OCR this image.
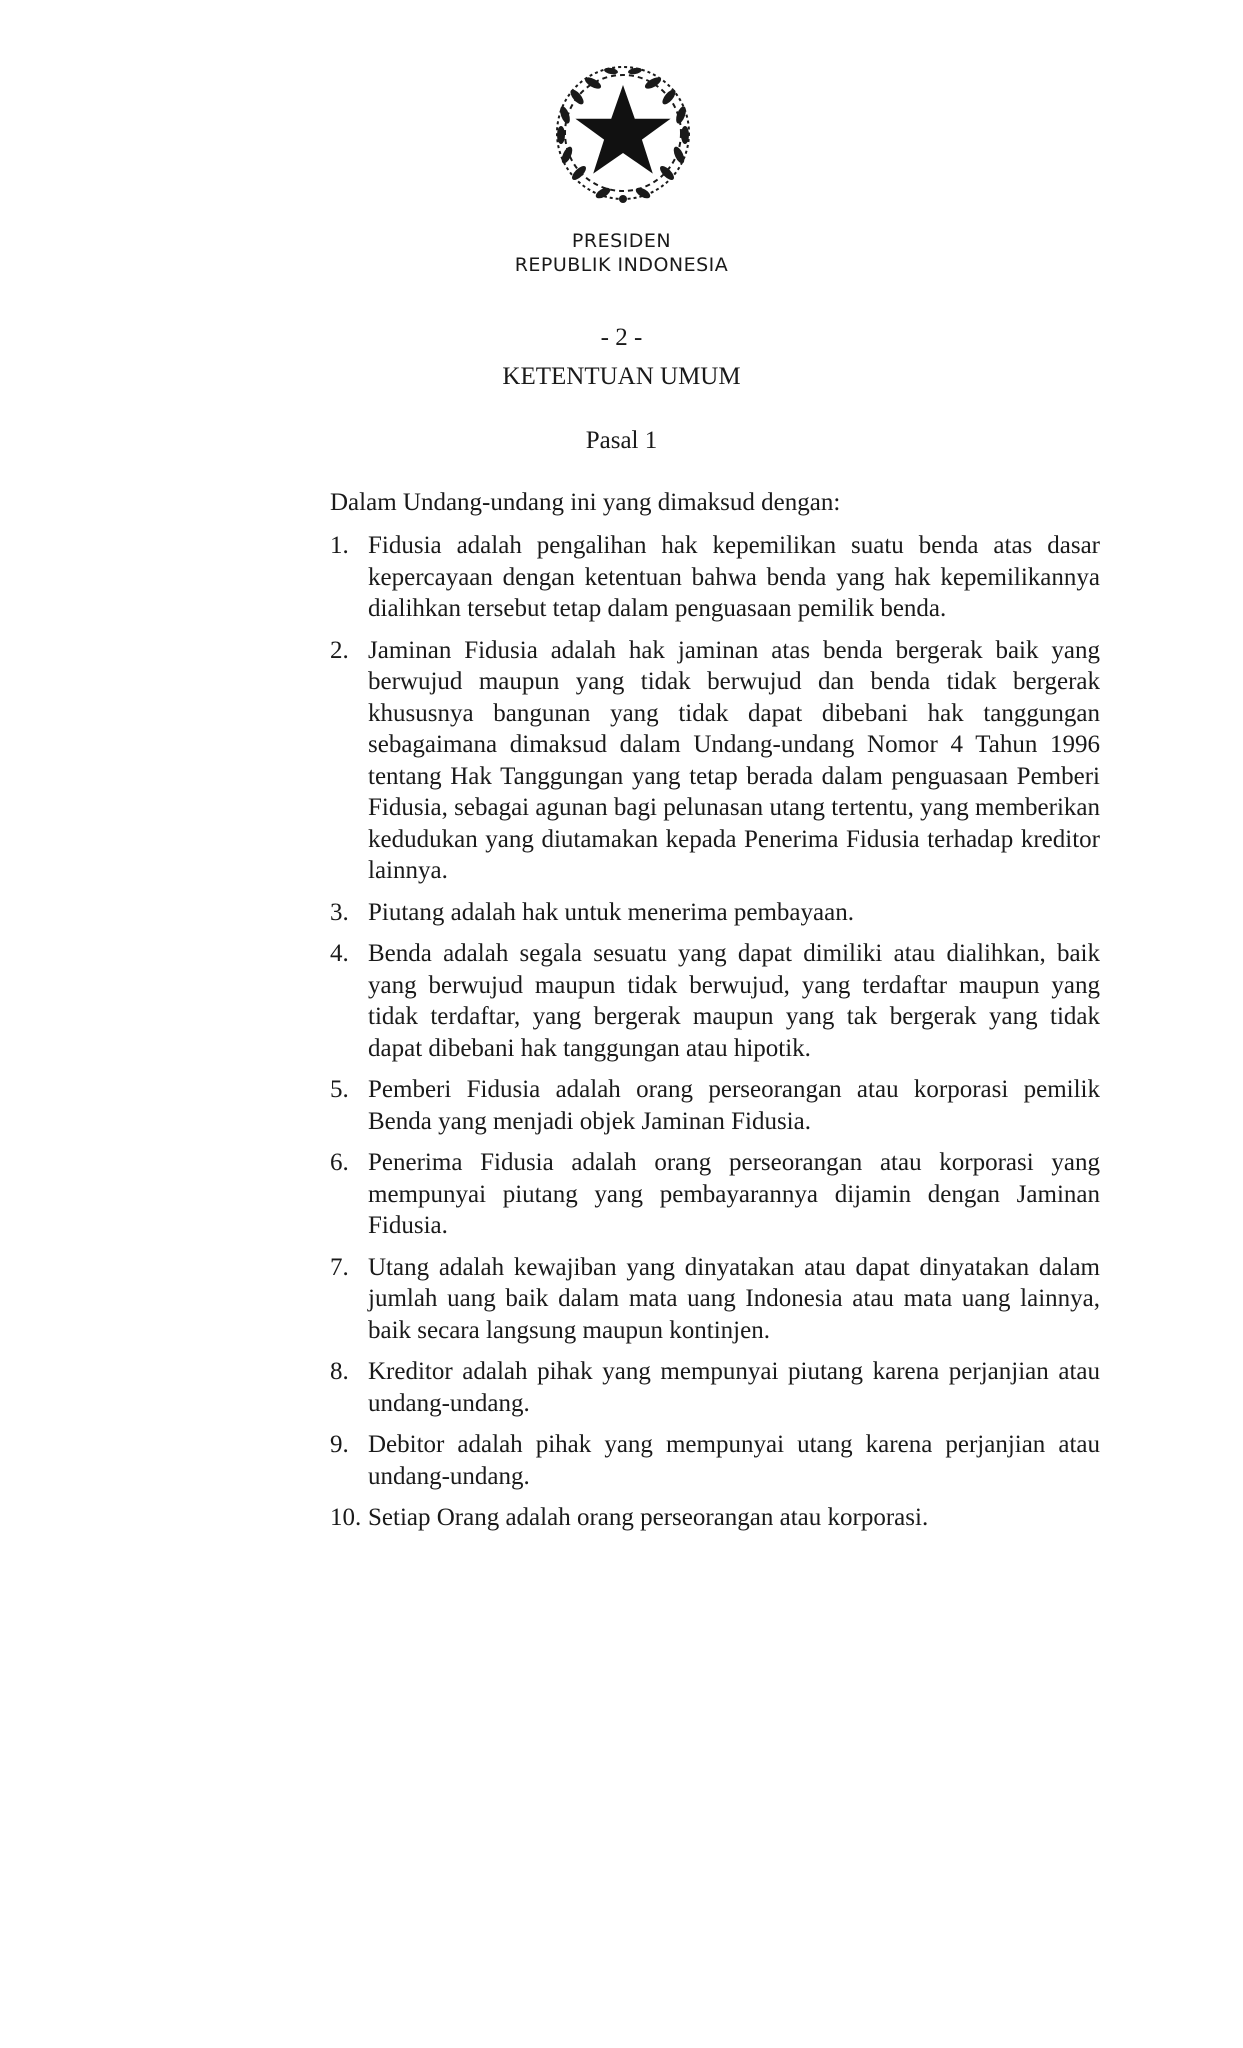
PRESIDEN
REPUBLIK INDONESIA
- 2 -
KETENTUAN UMUM
Pasal 1
Dalam Undang-undang ini yang dimaksud dengan:
1. Fidusia adalah pengalihan hak kepemilikan suatu benda atas dasar kepercayaan dengan ketentuan bahwa benda yang hak kepemilikannya dialihkan tersebut tetap dalam penguasaan pemilik benda.
2. Jaminan Fidusia adalah hak jaminan atas benda bergerak baik yang berwujud maupun yang tidak berwujud dan benda tidak bergerak khususnya bangunan yang tidak dapat dibebani hak tanggungan sebagaimana dimaksud dalam Undang-undang Nomor 4 Tahun 1996 tentang Hak Tanggungan yang tetap berada dalam penguasaan Pemberi Fidusia, sebagai agunan bagi pelunasan utang tertentu, yang memberikan kedudukan yang diutamakan kepada Penerima Fidusia terhadap kreditor lainnya.
3. Piutang adalah hak untuk menerima pembayaan.
4. Benda adalah segala sesuatu yang dapat dimiliki atau dialihkan, baik yang berwujud maupun tidak berwujud, yang terdaftar maupun yang tidak terdaftar, yang bergerak maupun yang tak bergerak yang tidak dapat dibebani hak tanggungan atau hipotik.
5. Pemberi Fidusia adalah orang perseorangan atau korporasi pemilik Benda yang menjadi objek Jaminan Fidusia.
6. Penerima Fidusia adalah orang perseorangan atau korporasi yang mempunyai piutang yang pembayarannya dijamin dengan Jaminan Fidusia.
7. Utang adalah kewajiban yang dinyatakan atau dapat dinyatakan dalam jumlah uang baik dalam mata uang Indonesia atau mata uang lainnya, baik secara langsung maupun kontinjen.
8. Kreditor adalah pihak yang mempunyai piutang karena perjanjian atau undang-undang.
9. Debitor adalah pihak yang mempunyai utang karena perjanjian atau undang-undang.
10. Setiap Orang adalah orang perseorangan atau korporasi.
